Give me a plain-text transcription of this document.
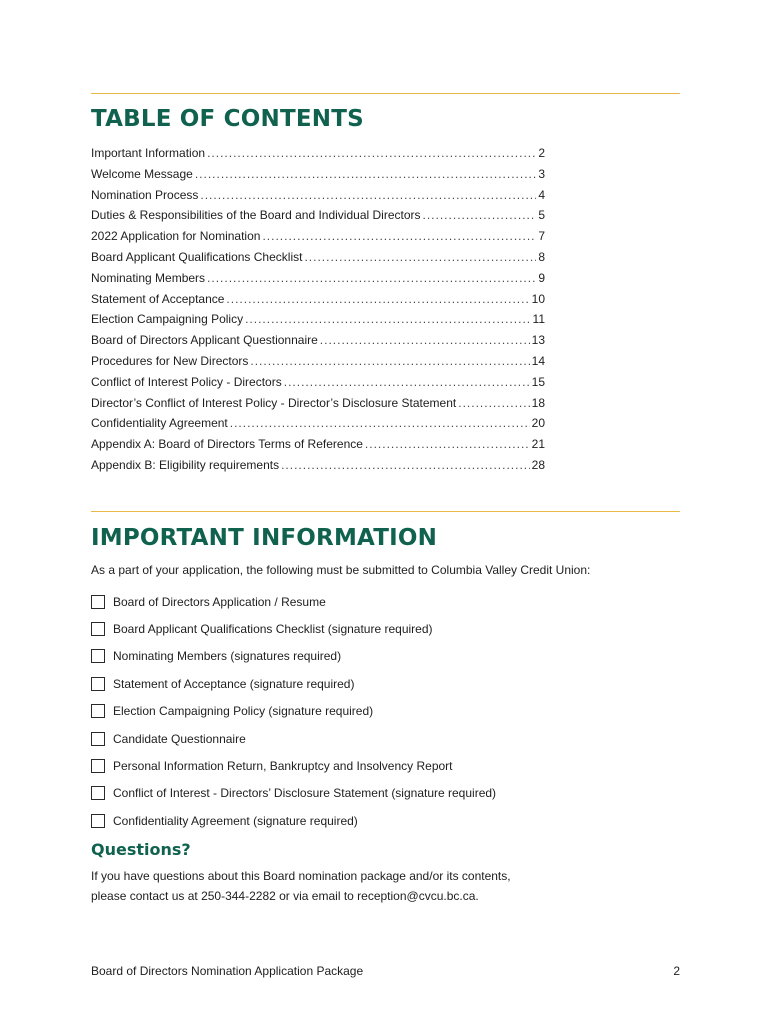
TABLE OF CONTENTS
Important Information .....	2
Welcome Message .....	3
Nomination Process .....	4
Duties & Responsibilities of the Board and Individual Directors .....	5
2022 Application for Nomination .....	7
Board Applicant Qualifications Checklist .....	8
Nominating Members .....	9
Statement of Acceptance .....	10
Election Campaigning Policy .....	11
Board of Directors Applicant Questionnaire .....	13
Procedures for New Directors .....	14
Conflict of Interest Policy - Directors .....	15
Director’s Conflict of Interest Policy - Director’s Disclosure Statement .....	18
Confidentiality Agreement .....	20
Appendix A: Board of Directors Terms of Reference .....	21
Appendix B: Eligibility requirements .....	28
IMPORTANT INFORMATION

As a part of your application, the following must be submitted to Columbia Valley Credit Union:

Board of Directors Application / Resume
Board Applicant Qualifications Checklist (signature required)
Nominating Members (signatures required)
Statement of Acceptance (signature required)
Election Campaigning Policy (signature required)
Candidate Questionnaire
Personal Information Return, Bankruptcy and Insolvency Report
Conflict of Interest - Directors’ Disclosure Statement (signature required)
Confidentiality Agreement (signature required)
Questions?

If you have questions about this Board nomination package and/or its contents,
please contact us at 250-344-2282 or via email to reception@cvcu.bc.ca.

Board of Directors Nomination Application Package	2
